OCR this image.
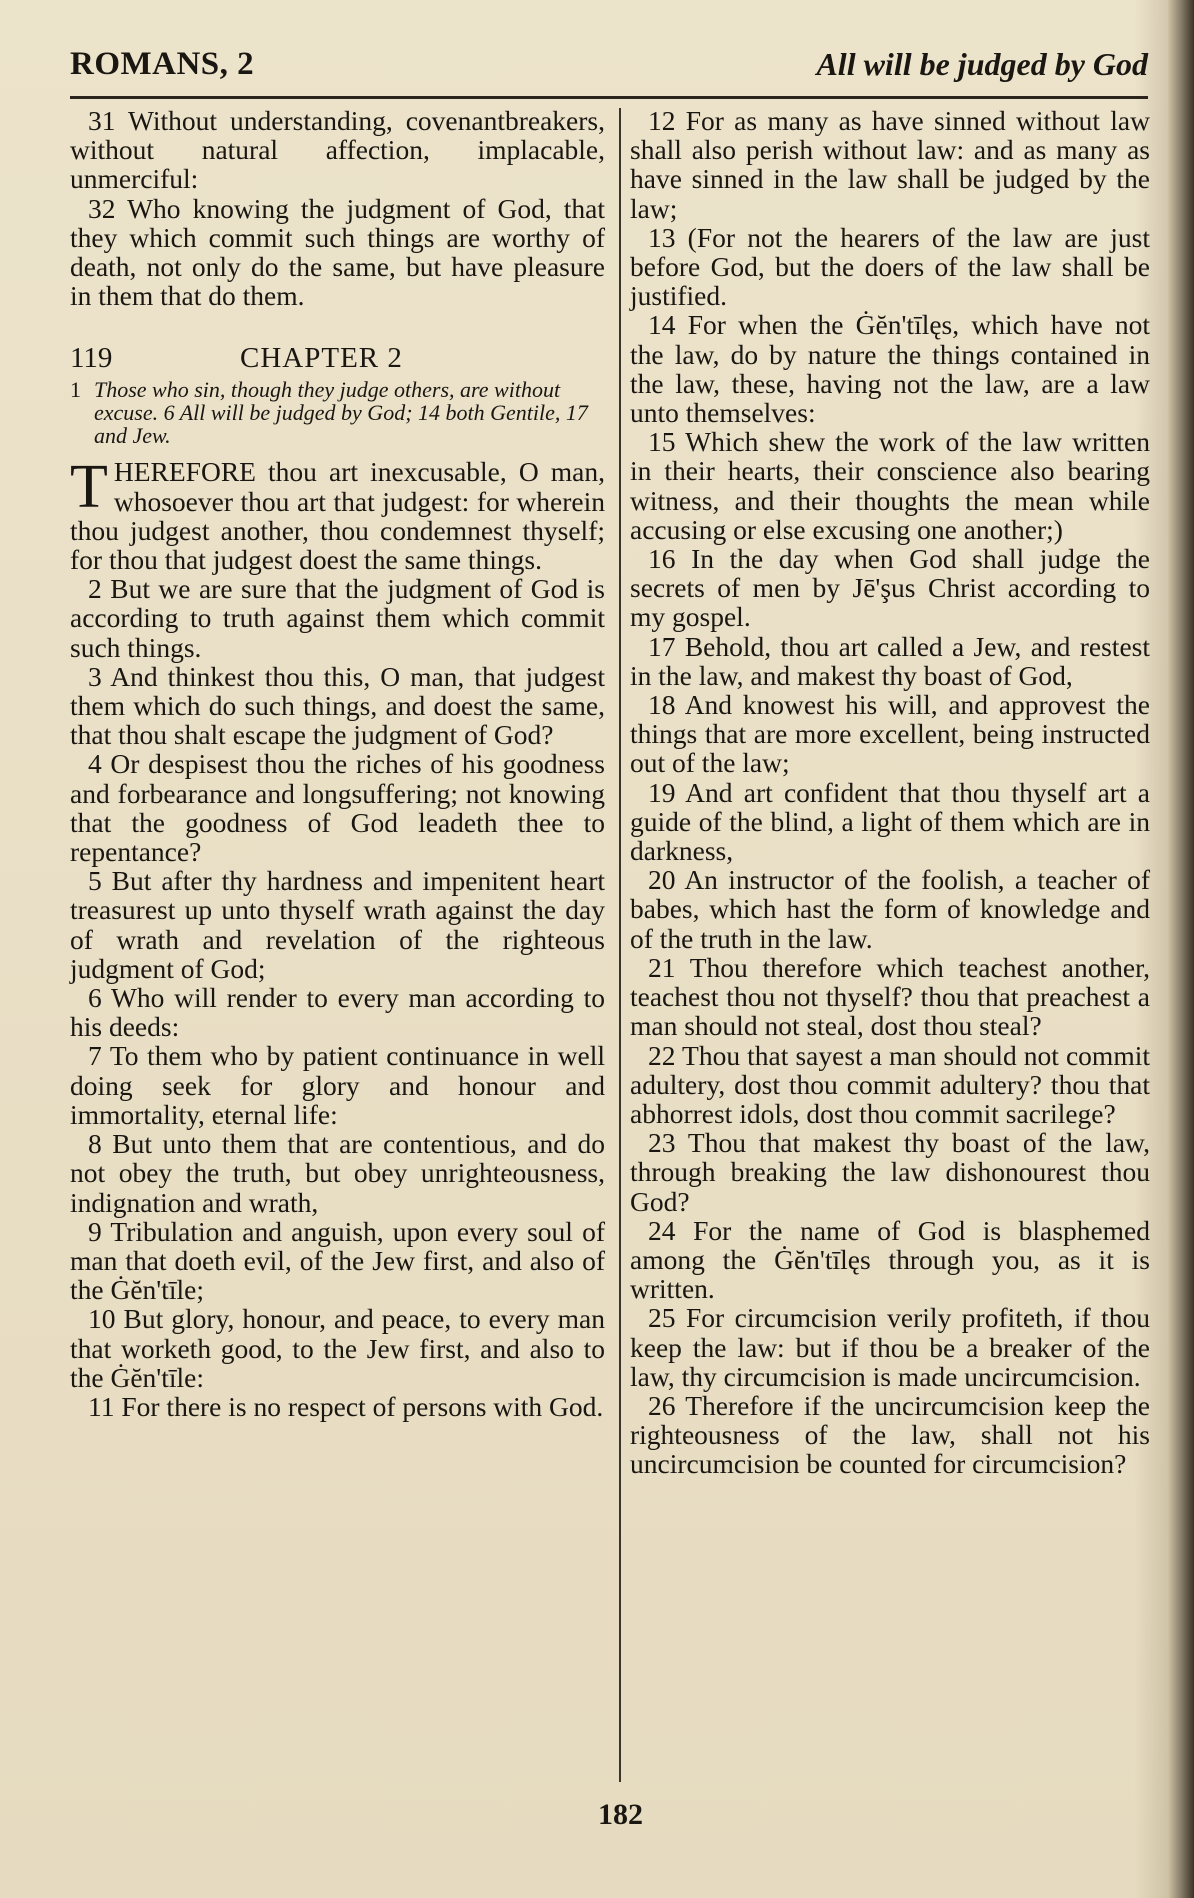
ROMANS, 2	All will be judged by God

31 Without understanding, covenantbreakers, without natural affection, implacable, unmerciful:

32 Who knowing the judgment of God, that they which commit such things are worthy of death, not only do the same, but have pleasure in them that do them.

119	CHAPTER 2
1 Those who sin, though they judge others, are without excuse. 6 All will be judged by God; 14 both Gentile, 17 and Jew.

THEREFORE thou art inexcusable, O man, whosoever thou art that judgest: for wherein thou judgest another, thou condemnest thyself; for thou that judgest doest the same things.

2 But we are sure that the judgment of God is according to truth against them which commit such things.

3 And thinkest thou this, O man, that judgest them which do such things, and doest the same, that thou shalt escape the judgment of God?

4 Or despisest thou the riches of his goodness and forbearance and longsuffering; not knowing that the goodness of God leadeth thee to repentance?

5 But after thy hardness and impenitent heart treasurest up unto thyself wrath against the day of wrath and revelation of the righteous judgment of God;

6 Who will render to every man according to his deeds:

7 To them who by patient continuance in well doing seek for glory and honour and immortality, eternal life:

8 But unto them that are contentious, and do not obey the truth, but obey unrighteousness, indignation and wrath,

9 Tribulation and anguish, upon every soul of man that doeth evil, of the Jew first, and also of the Ġĕn'tīle;

10 But glory, honour, and peace, to every man that worketh good, to the Jew first, and also to the Ġĕn'tīle:

11 For there is no respect of persons with God.

12 For as many as have sinned without law shall also perish without law: and as many as have sinned in the law shall be judged by the law;

13 (For not the hearers of the law are just before God, but the doers of the law shall be justified.

14 For when the Ġĕn'tīlęs, which have not the law, do by nature the things contained in the law, these, having not the law, are a law unto themselves:

15 Which shew the work of the law written in their hearts, their conscience also bearing witness, and their thoughts the mean while accusing or else excusing one another;)

16 In the day when God shall judge the secrets of men by Jē'şus Christ according to my gospel.

17 Behold, thou art called a Jew, and restest in the law, and makest thy boast of God,

18 And knowest his will, and approvest the things that are more excellent, being instructed out of the law;

19 And art confident that thou thyself art a guide of the blind, a light of them which are in darkness,

20 An instructor of the foolish, a teacher of babes, which hast the form of knowledge and of the truth in the law.

21 Thou therefore which teachest another, teachest thou not thyself? thou that preachest a man should not steal, dost thou steal?

22 Thou that sayest a man should not commit adultery, dost thou commit adultery? thou that abhorrest idols, dost thou commit sacrilege?

23 Thou that makest thy boast of the law, through breaking the law dishonourest thou God?

24 For the name of God is blasphemed among the Ġĕn'tīlęs through you, as it is written.

25 For circumcision verily profiteth, if thou keep the law: but if thou be a breaker of the law, thy circumcision is made uncircumcision.

26 Therefore if the uncircumcision keep the righteousness of the law, shall not his uncircumcision be counted for circumcision?

182
